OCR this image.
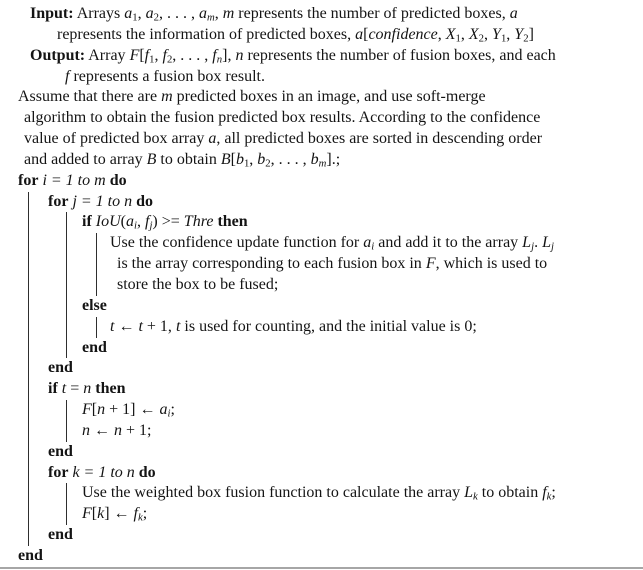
Input: Arrays $a_1$, $a_2$, . . . , $a_m$, m represents the number of predicted boxes, a
represents the information of predicted boxes, a[confidence, $X_1$, $X_2$, $Y_1$, $Y_2$]
Output: Array $F[f_1$, $f_2$, . . . , $f_n$], n represents the number of fusion boxes, and each
f represents a fusion box result.
Assume that there are m predicted boxes in an image, and use soft-merge
algorithm to obtain the fusion predicted box results. According to the confidence
value of predicted box array a, all predicted boxes are sorted in descending order
and added to array B to obtain $B[b_1$, $b_2$, . . . , $b_m$].;
for i = 1 to m do
for j = 1 to n do
if $IoU(a_i$, $f_j$) >= Thre then
Use the confidence update function for $a_i$ and add it to the array $L_j$. $L_j$
is the array corresponding to each fusion box in F, which is used to
store the box to be fused;
else
t ← t + 1, t is used for counting, and the initial value is 0;
end
end
if t = n then
F[n + 1] ← $a_i$;
n ← n + 1;
end
for k = 1 to n do
Use the weighted box fusion function to calculate the array $L_k$ to obtain $f_k$;
F[k] ← $f_k$;
end
end
